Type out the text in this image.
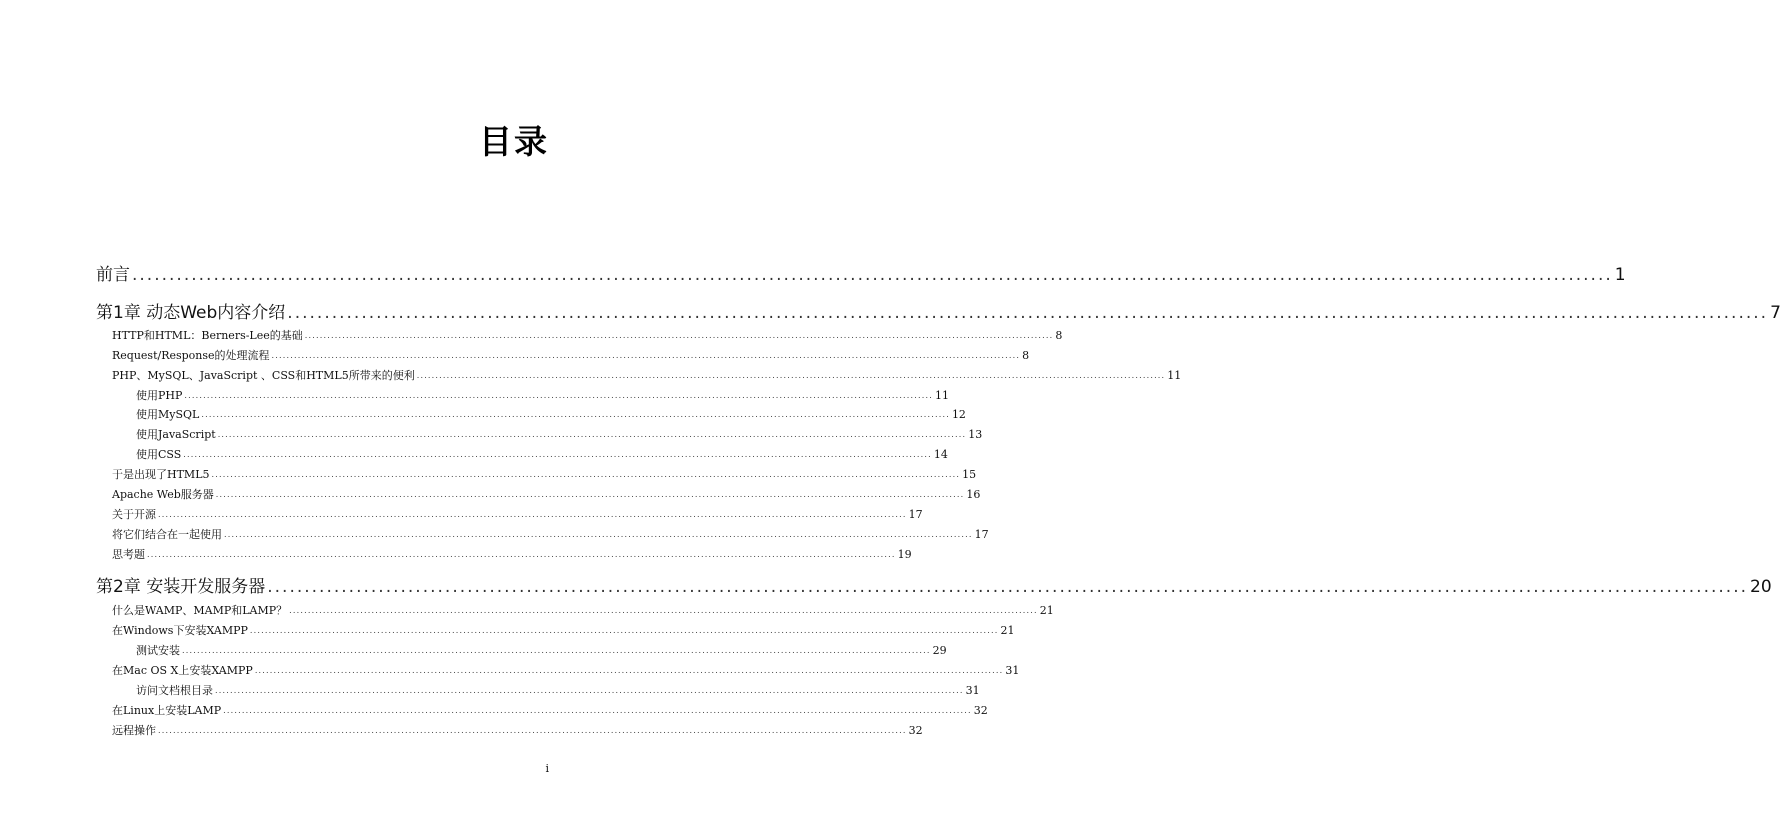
目录
前言 ........................................................................................................................................................................................................ 1
第1章 动态Web内容介绍 ........................................................................................................................................................................................................ 7
HTTP和HTML：Berners-Lee的基础 ........................................................................................................................................................................................................ 8
Request/Response的处理流程 ........................................................................................................................................................................................................ 8
PHP、MySQL、JavaScript 、CSS和HTML5所带来的便利 ........................................................................................................................................................................................................ 11
使用PHP ........................................................................................................................................................................................................ 11
使用MySQL ........................................................................................................................................................................................................ 12
使用JavaScript ........................................................................................................................................................................................................ 13
使用CSS ........................................................................................................................................................................................................ 14
于是出现了HTML5 ........................................................................................................................................................................................................ 15
Apache Web服务器 ........................................................................................................................................................................................................ 16
关于开源 ........................................................................................................................................................................................................ 17
将它们结合在一起使用 ........................................................................................................................................................................................................ 17
思考题 ........................................................................................................................................................................................................ 19
第2章 安装开发服务器 ........................................................................................................................................................................................................ 20
什么是WAMP、MAMP和LAMP？ ........................................................................................................................................................................................................ 21
在Windows下安装XAMPP ........................................................................................................................................................................................................ 21
测试安装 ........................................................................................................................................................................................................ 29
在Mac OS X上安装XAMPP ........................................................................................................................................................................................................ 31
访问文档根目录 ........................................................................................................................................................................................................ 31
在Linux上安装LAMP ........................................................................................................................................................................................................ 32
远程操作 ........................................................................................................................................................................................................ 32
i
